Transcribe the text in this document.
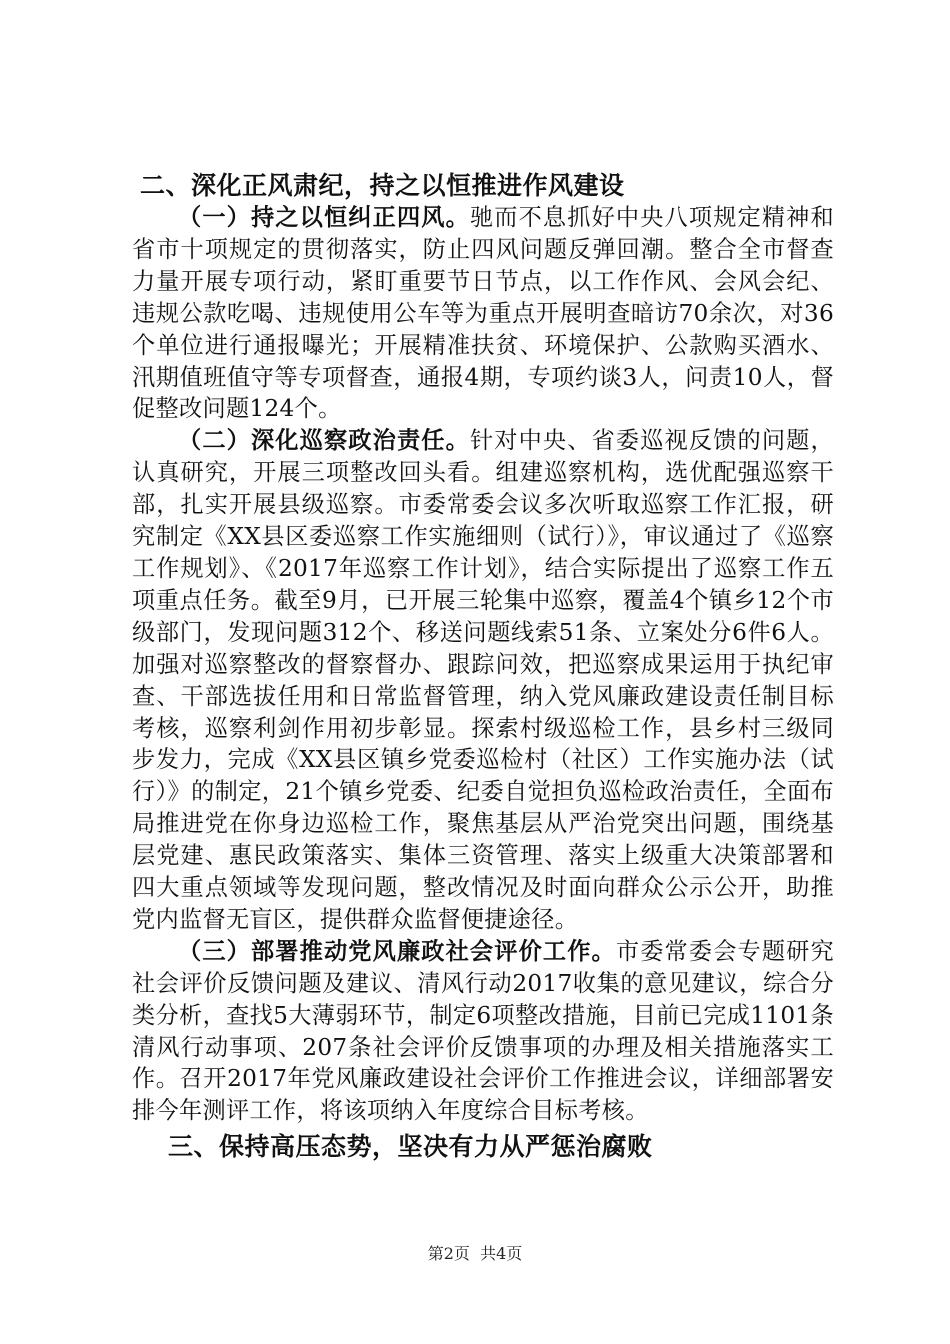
二、深化正风肃纪，持之以恒推进作风建设

（一）持之以恒纠正四风。驰而不息抓好中央八项规定精神和省市十项规定的贯彻落实，防止四风问题反弹回潮。整合全市督查力量开展专项行动，紧盯重要节日节点，以工作作风、会风会纪、违规公款吃喝、违规使用公车等为重点开展明查暗访70余次，对36个单位进行通报曝光；开展精准扶贫、环境保护、公款购买酒水、汛期值班值守等专项督查，通报4期，专项约谈3人，问责10人，督促整改问题124个。

（二）深化巡察政治责任。针对中央、省委巡视反馈的问题，认真研究，开展三项整改回头看。组建巡察机构，选优配强巡察干部，扎实开展县级巡察。市委常委会议多次听取巡察工作汇报，研究制定《XX县区委巡察工作实施细则（试行）》，审议通过了《巡察工作规划》、《2017年巡察工作计划》，结合实际提出了巡察工作五项重点任务。截至9月，已开展三轮集中巡察，覆盖4个镇乡12个市级部门，发现问题312个、移送问题线索51条、立案处分6件6人。加强对巡察整改的督察督办、跟踪问效，把巡察成果运用于执纪审查、干部选拔任用和日常监督管理，纳入党风廉政建设责任制目标考核，巡察利剑作用初步彰显。探索村级巡检工作，县乡村三级同步发力，完成《XX县区镇乡党委巡检村（社区）工作实施办法（试行）》的制定，21个镇乡党委、纪委自觉担负巡检政治责任，全面布局推进党在你身边巡检工作，聚焦基层从严治党突出问题，围绕基层党建、惠民政策落实、集体三资管理、落实上级重大决策部署和四大重点领域等发现问题，整改情况及时面向群众公示公开，助推党内监督无盲区，提供群众监督便捷途径。

（三）部署推动党风廉政社会评价工作。市委常委会专题研究社会评价反馈问题及建议、清风行动2017收集的意见建议，综合分类分析，查找5大薄弱环节，制定6项整改措施，目前已完成1101条清风行动事项、207条社会评价反馈事项的办理及相关措施落实工作。召开2017年党风廉政建设社会评价工作推进会议，详细部署安排今年测评工作，将该项纳入年度综合目标考核。

三、保持高压态势，坚决有力从严惩治腐败

第2页  共4页
